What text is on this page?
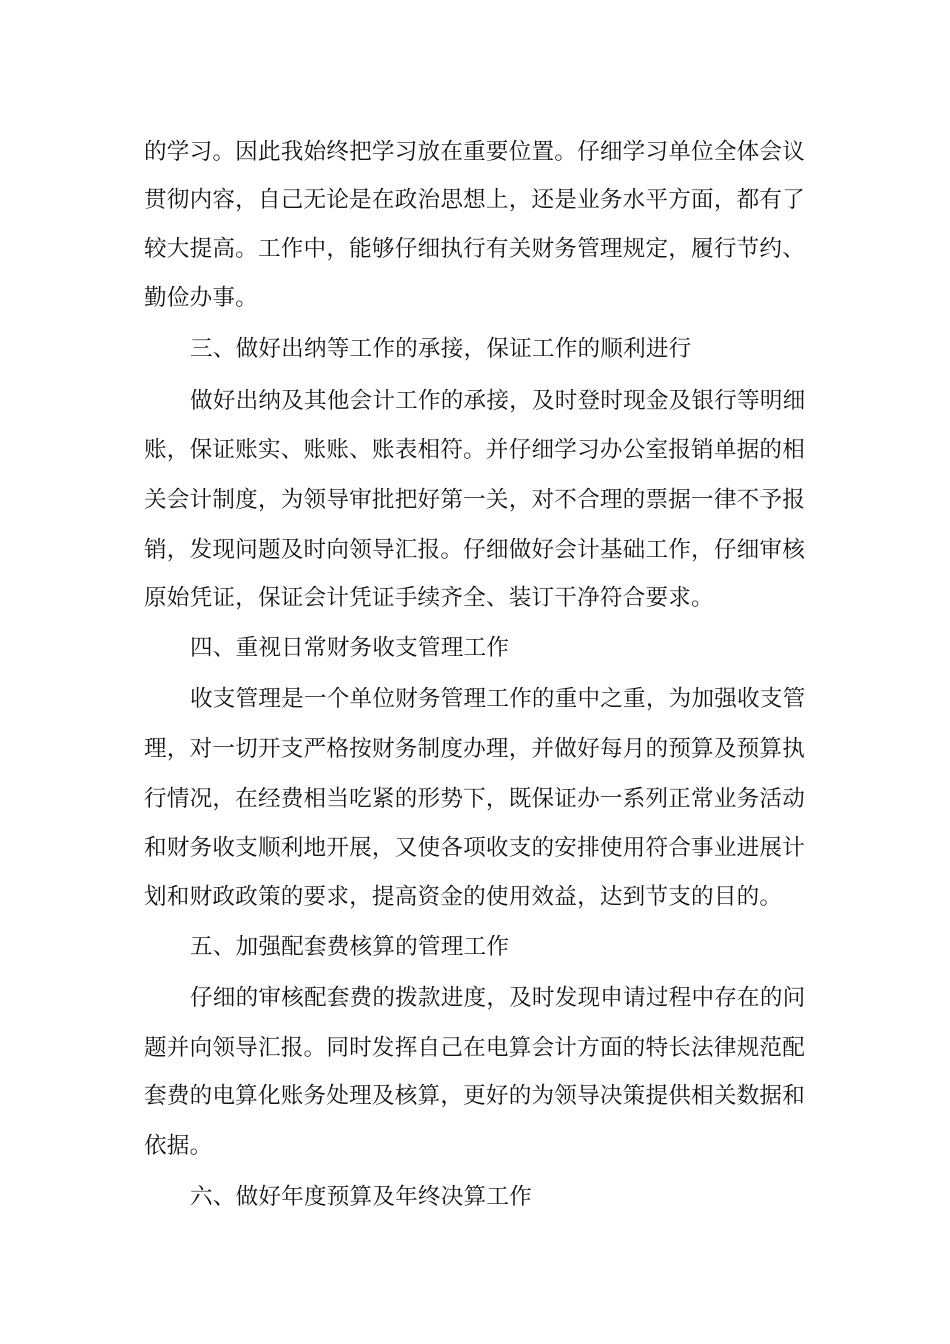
的学习。因此我始终把学习放在重要位置。仔细学习单位全体会议
贯彻内容，自己无论是在政治思想上，还是业务水平方面，都有了
较大提高。工作中，能够仔细执行有关财务管理规定，履行节约、
勤俭办事。
三、做好出纳等工作的承接，保证工作的顺利进行
做好出纳及其他会计工作的承接，及时登时现金及银行等明细
账，保证账实、账账、账表相符。并仔细学习办公室报销单据的相
关会计制度，为领导审批把好第一关，对不合理的票据一律不予报
销，发现问题及时向领导汇报。仔细做好会计基础工作，仔细审核
原始凭证，保证会计凭证手续齐全、装订干净符合要求。
四、重视日常财务收支管理工作
收支管理是一个单位财务管理工作的重中之重，为加强收支管
理，对一切开支严格按财务制度办理，并做好每月的预算及预算执
行情况，在经费相当吃紧的形势下，既保证办一系列正常业务活动
和财务收支顺利地开展，又使各项收支的安排使用符合事业进展计
划和财政政策的要求，提高资金的使用效益，达到节支的目的。
五、加强配套费核算的管理工作
仔细的审核配套费的拨款进度，及时发现申请过程中存在的问
题并向领导汇报。同时发挥自己在电算会计方面的特长法律规范配
套费的电算化账务处理及核算，更好的为领导决策提供相关数据和
依据。
六、做好年度预算及年终决算工作
